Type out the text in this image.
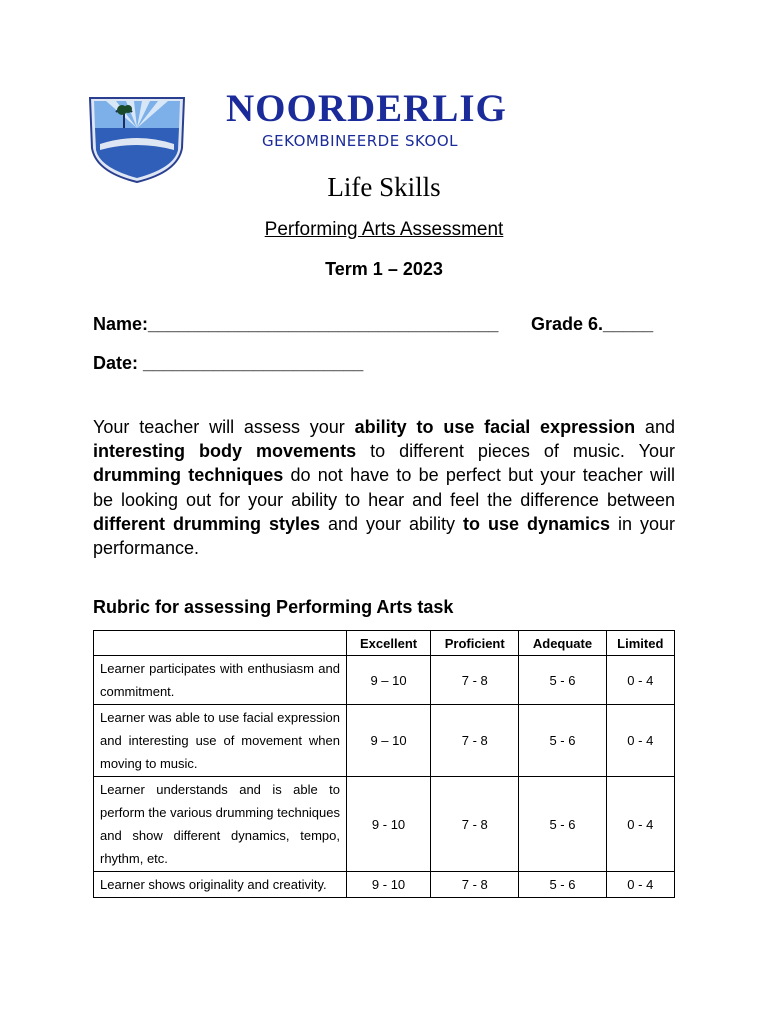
NOORDERLIG
GEKOMBINEERDE SKOOL
Life Skills
Performing Arts Assessment
Term 1 – 2023
Name:___________________________________ Grade 6._____
Date: ______________________
Your teacher will assess your ability to use facial expression and interesting body movements to different pieces of music. Your drumming techniques do not have to be perfect but your teacher will be looking out for your ability to hear and feel the difference between different drumming styles and your ability to use dynamics in your performance.
Rubric for assessing Performing Arts task
	Excellent	Proficient	Adequate	Limited
Learner participates with enthusiasm and commitment.	9 – 10	7 - 8	5 - 6	0 - 4
Learner was able to use facial expression and interesting use of movement when moving to music.	9 – 10	7 - 8	5 - 6	0 - 4
Learner understands and is able to perform the various drumming techniques and show different dynamics, tempo, rhythm, etc.	9 - 10	7 - 8	5 - 6	0 - 4
Learner shows originality and creativity.	9 - 10	7 - 8	5 - 6	0 - 4
